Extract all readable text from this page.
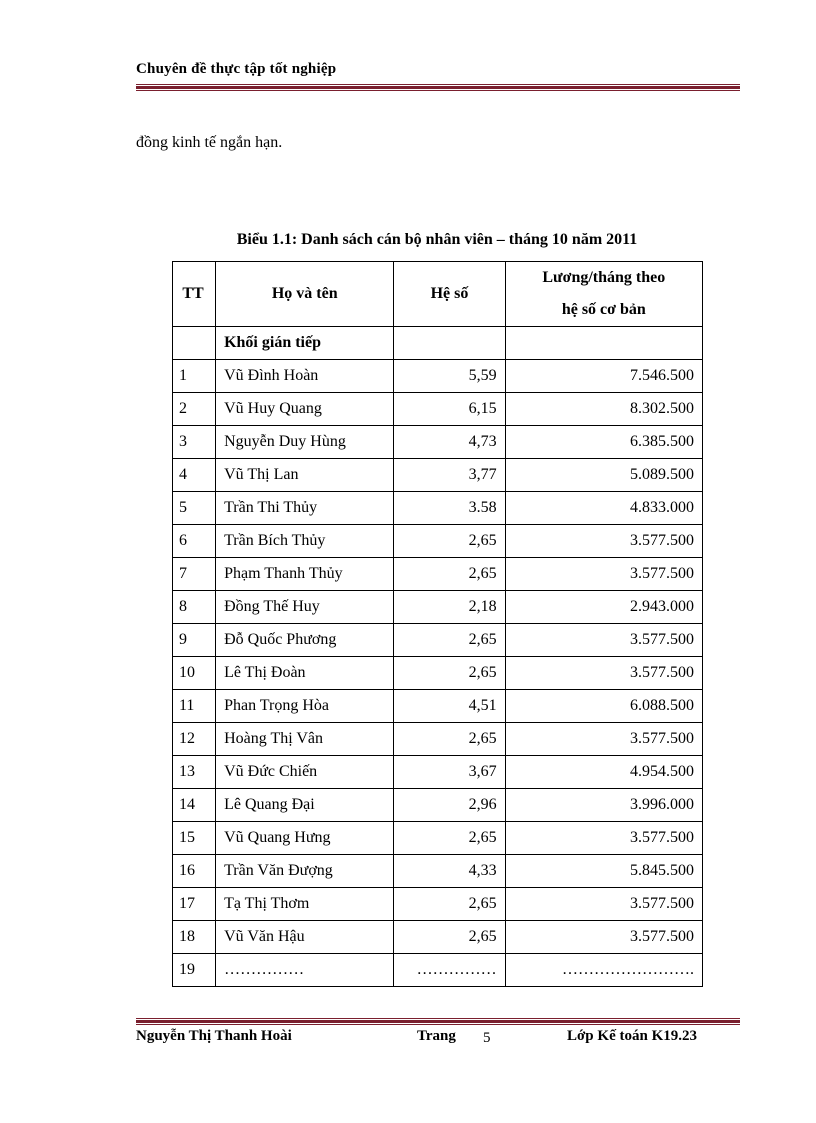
Chuyên đề thực tập tốt nghiệp
đồng kinh tế ngắn hạn.
Biểu 1.1: Danh sách cán bộ nhân viên – tháng 10 năm 2011
TT	Họ và tên	Hệ số	Lương/tháng theo
hệ số cơ bản
	Khối gián tiếp		
1	Vũ Đình Hoàn	5,59	7.546.500
2	Vũ Huy Quang	6,15	8.302.500
3	Nguyễn Duy Hùng	4,73	6.385.500
4	Vũ Thị Lan	3,77	5.089.500
5	Trần Thi Thủy	3.58	4.833.000
6	Trần Bích Thủy	2,65	3.577.500
7	Phạm Thanh Thủy	2,65	3.577.500
8	Đồng Thế Huy	2,18	2.943.000
9	Đỗ Quốc Phương	2,65	3.577.500
10	Lê Thị Đoàn	2,65	3.577.500
11	Phan Trọng Hòa	4,51	6.088.500
12	Hoàng Thị Vân	2,65	3.577.500
13	Vũ Đức Chiến	3,67	4.954.500
14	Lê Quang Đại	2,96	3.996.000
15	Vũ Quang Hưng	2,65	3.577.500
16	Trần Văn Đượng	4,33	5.845.500
17	Tạ Thị Thơm	2,65	3.577.500
18	Vũ Văn Hậu	2,65	3.577.500
19	……………	……………	…………………….
Nguyễn Thị Thanh Hoài	Trang 5	Lớp Kế toán K19.23
